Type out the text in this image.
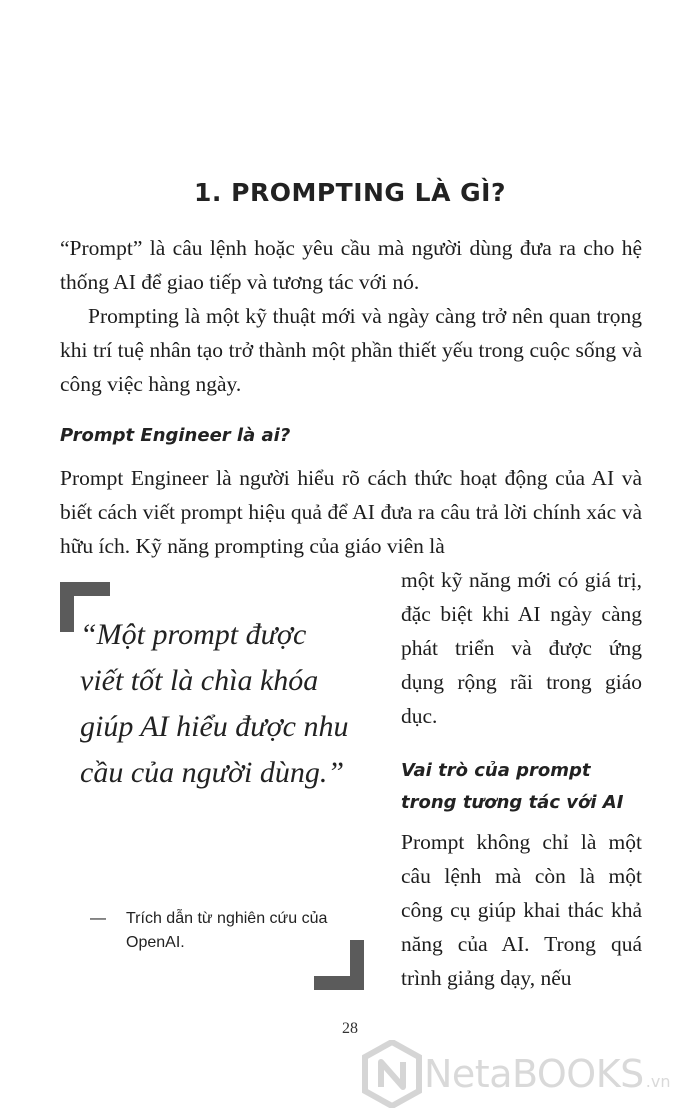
1. PROMPTING LÀ GÌ?

“Prompt” là câu lệnh hoặc yêu cầu mà người dùng đưa ra cho hệ thống AI để giao tiếp và tương tác với nó.

Prompting là một kỹ thuật mới và ngày càng trở nên quan trọng khi trí tuệ nhân tạo trở thành một phần thiết yếu trong cuộc sống và công việc hàng ngày.

Prompt Engineer là ai?

Prompt Engineer là người hiểu rõ cách thức hoạt động của AI và biết cách viết prompt hiệu quả để AI đưa ra câu trả lời chính xác và hữu ích. Kỹ năng prompting của giáo viên là

một kỹ năng mới có giá trị, đặc biệt khi AI ngày càng phát triển và được ứng dụng rộng rãi trong giáo dục.

Vai trò của prompt trong tương tác với AI

Prompt không chỉ là một câu lệnh mà còn là một công cụ giúp khai thác khả năng của AI. Trong quá trình giảng dạy, nếu

“Một prompt được viết tốt là chìa khóa giúp AI hiểu được nhu cầu của người dùng.”

—	Trích dẫn từ nghiên cứu của OpenAI.
28
NetaBOOKS .vn
